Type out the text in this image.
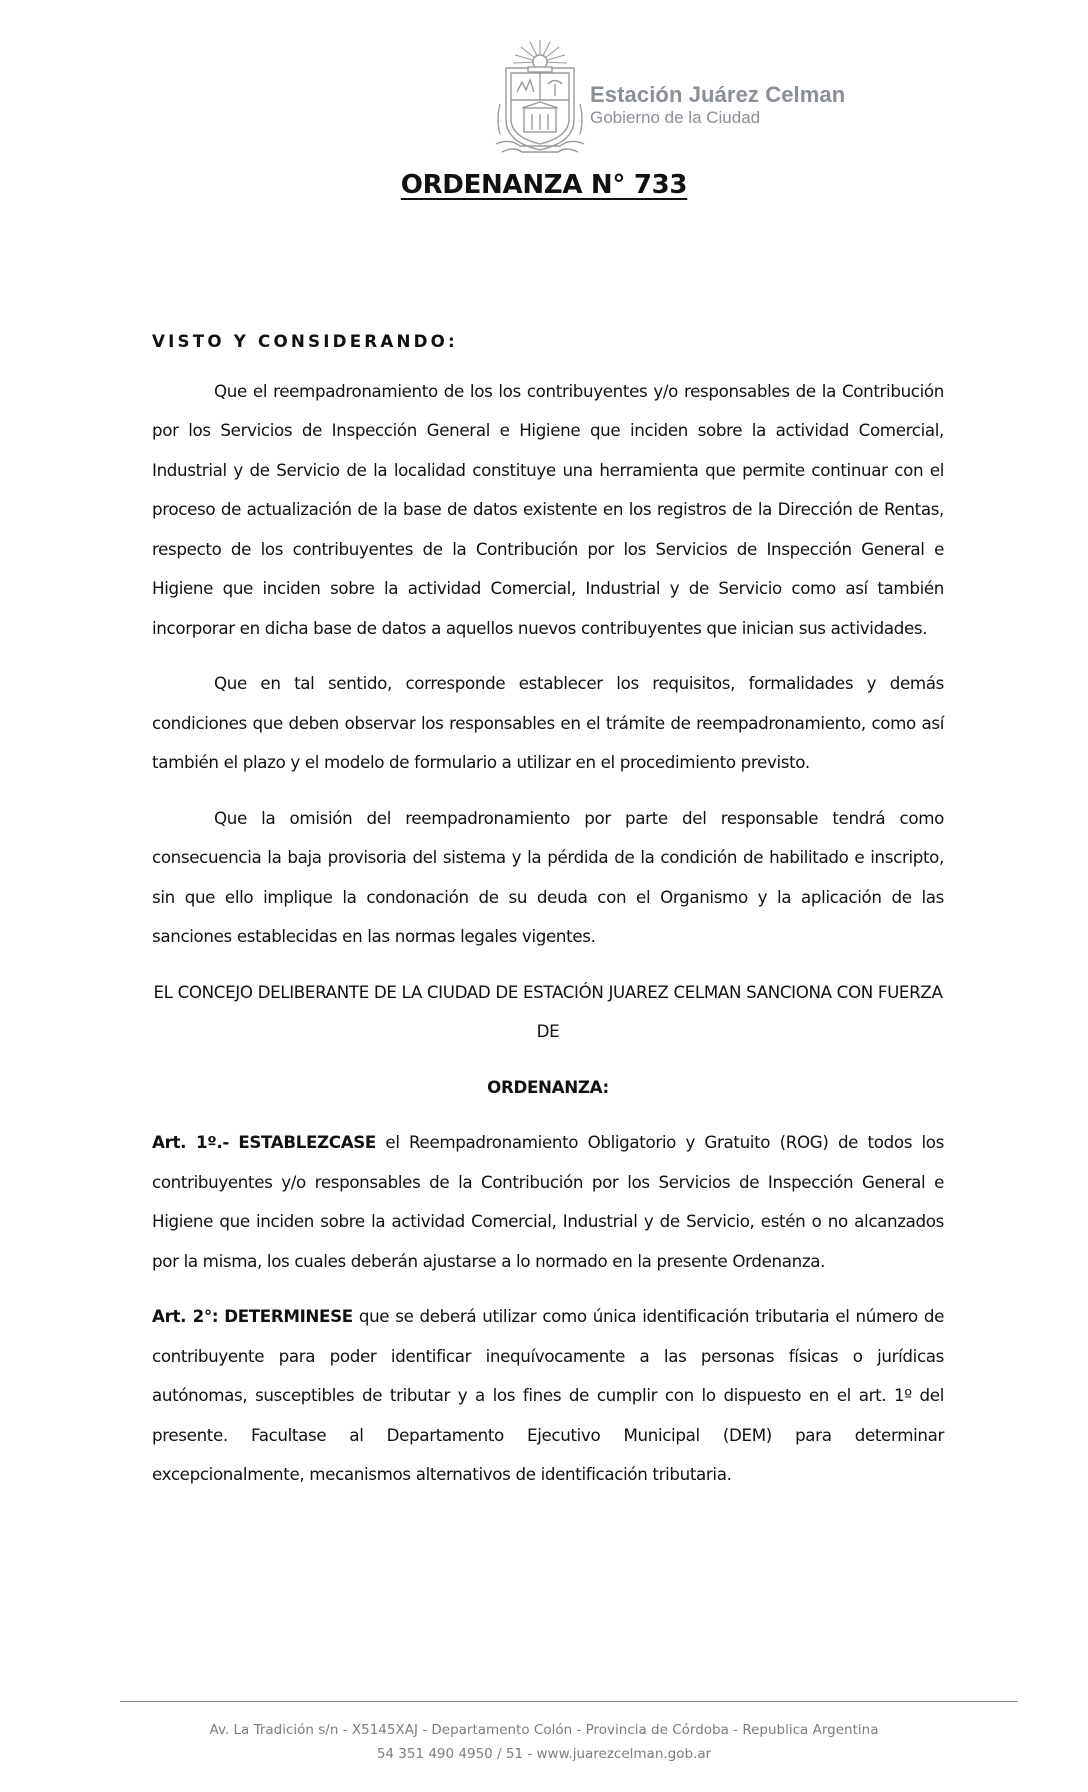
Estación Juárez Celman
Gobierno de la Ciudad
ORDENANZA N° 733

VISTO Y CONSIDERANDO:

Que el reempadronamiento de los los contribuyentes y/o responsables de la Contribución por los Servicios de Inspección General e Higiene que inciden sobre la actividad Comercial, Industrial y de Servicio de la localidad constituye una herramienta que permite continuar con el proceso de actualización de la base de datos existente en los registros de la Dirección de Rentas, respecto de los contribuyentes de la Contribución por los Servicios de Inspección General e Higiene que inciden sobre la actividad Comercial, Industrial y de Servicio como así también incorporar en dicha base de datos a aquellos nuevos contribuyentes que inician sus actividades.

Que en tal sentido, corresponde establecer los requisitos, formalidades y demás condiciones que deben observar los responsables en el trámite de reempadronamiento, como así también el plazo y el modelo de formulario a utilizar en el procedimiento previsto.

Que la omisión del reempadronamiento por parte del responsable tendrá como consecuencia la baja provisoria del sistema y la pérdida de la condición de habilitado e inscripto, sin que ello implique la condonación de su deuda con el Organismo y la aplicación de las sanciones establecidas en las normas legales vigentes.

EL CONCEJO DELIBERANTE DE LA CIUDAD DE ESTACIÓN JUAREZ CELMAN SANCIONA CON FUERZA DE

ORDENANZA:

Art. 1º.- ESTABLEZCASE el Reempadronamiento Obligatorio y Gratuito (ROG) de todos los contribuyentes y/o responsables de la Contribución por los Servicios de Inspección General e Higiene que inciden sobre la actividad Comercial, Industrial y de Servicio, estén o no alcanzados por la misma, los cuales deberán ajustarse a lo normado en la presente Ordenanza.

Art. 2°: DETERMINESE que se deberá utilizar como única identificación tributaria el número de contribuyente para poder identificar inequívocamente a las personas físicas o jurídicas autónomas, susceptibles de tributar y a los fines de cumplir con lo dispuesto en el art. 1º del presente. Facultase al Departamento Ejecutivo Municipal (DEM) para determinar excepcionalmente, mecanismos alternativos de identificación tributaria.

Av. La Tradición s/n - X5145XAJ - Departamento Colón - Provincia de Córdoba - Republica Argentina
54 351 490 4950 / 51 - www.juarezcelman.gob.ar
